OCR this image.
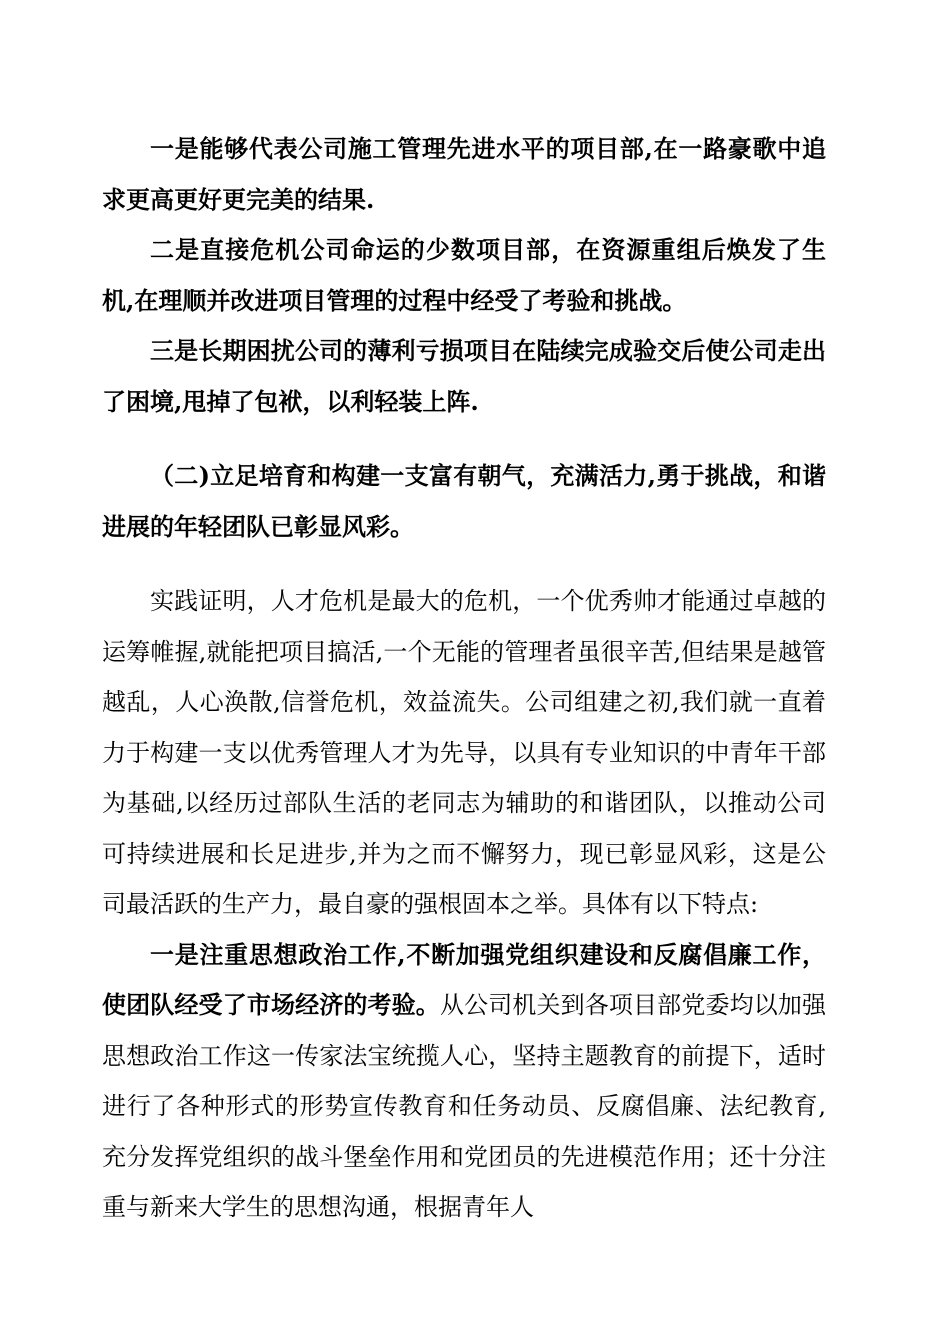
一是能够代表公司施工管理先进水平的项目部,在一路豪歌中追求更高更好更完美的结果.

二是直接危机公司命运的少数项目部，在资源重组后焕发了生机,在理顺并改进项目管理的过程中经受了考验和挑战。

三是长期困扰公司的薄利亏损项目在陆续完成验交后使公司走出了困境,甩掉了包袱，以利轻装上阵.

（二)立足培育和构建一支富有朝气，充满活力,勇于挑战，和谐进展的年轻团队已彰显风彩。

实践证明，人才危机是最大的危机，一个优秀帅才能通过卓越的运筹帷握,就能把项目搞活,一个无能的管理者虽很辛苦,但结果是越管越乱，人心涣散,信誉危机，效益流失。公司组建之初,我们就一直着力于构建一支以优秀管理人才为先导，以具有专业知识的中青年干部为基础,以经历过部队生活的老同志为辅助的和谐团队，以推动公司可持续进展和长足进步,并为之而不懈努力，现已彰显风彩，这是公司最活跃的生产力，最自豪的强根固本之举。具体有以下特点:

一是注重思想政治工作,不断加强党组织建设和反腐倡廉工作，使团队经受了市场经济的考验。从公司机关到各项目部党委均以加强思想政治工作这一传家法宝统揽人心，坚持主题教育的前提下，适时进行了各种形式的形势宣传教育和任务动员、反腐倡廉、法纪教育,充分发挥党组织的战斗堡垒作用和党团员的先进模范作用；还十分注重与新来大学生的思想沟通，根据青年人
